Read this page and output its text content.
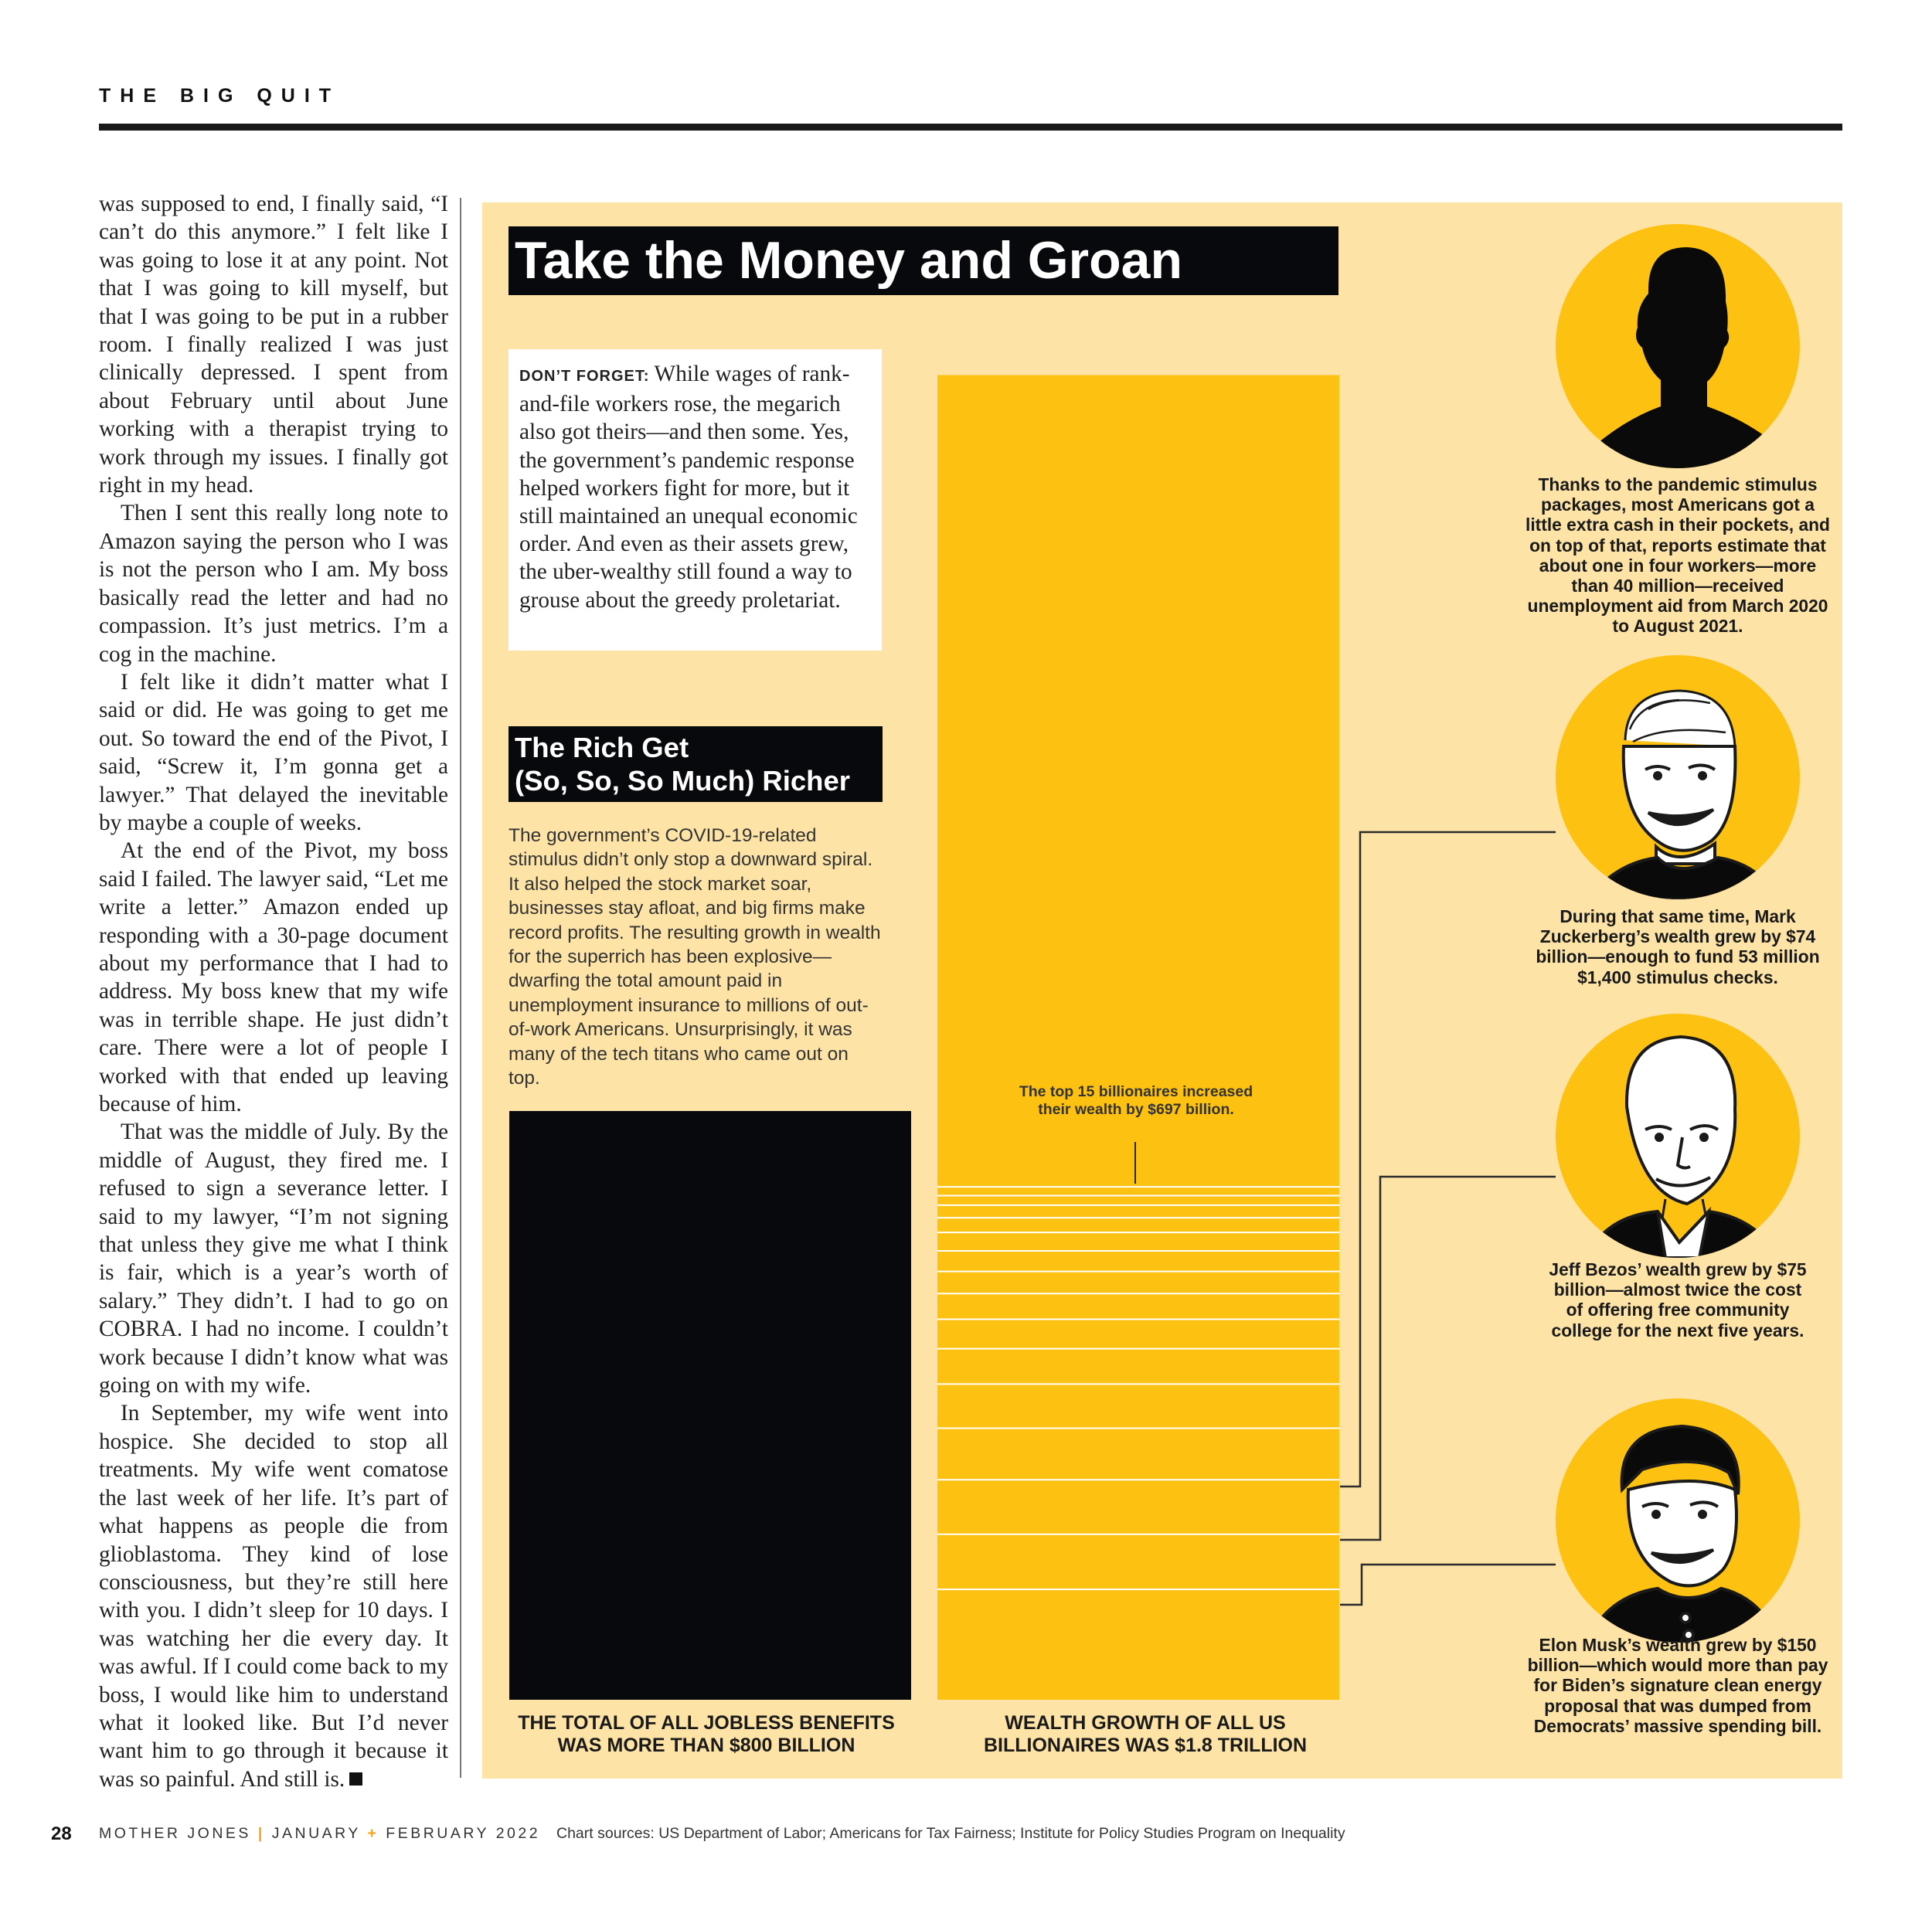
THE BIG QUIT

was supposed to end, I finally said, “I can’t do this anymore.” I felt like I was going to lose it at any point. Not that I was going to kill myself, but that I was going to be put in a rubber room. I finally realized I was just clinically depressed. I spent from about February until about June working with a therapist trying to work through my issues. I finally got right in my head.

Then I sent this really long note to Amazon saying the person who I was is not the person who I am. My boss basically read the letter and had no compassion. It’s just metrics. I’m a cog in the machine.

I felt like it didn’t matter what I said or did. He was going to get me out. So toward the end of the Pivot, I said, “Screw it, I’m gonna get a lawyer.” That delayed the inevitable by maybe a couple of weeks.

At the end of the Pivot, my boss said I failed. The lawyer said, “Let me write a letter.” Amazon ended up responding with a 30-page document about my performance that I had to address. My boss knew that my wife was in terrible shape. He just didn’t care. There were a lot of people I worked with that ended up leaving because of him.

That was the middle of July. By the middle of August, they fired me. I refused to sign a severance letter. I said to my lawyer, “I’m not signing that unless they give me what I think is fair, which is a year’s worth of salary.” They didn’t. I had to go on COBRA. I had no income. I couldn’t work because I didn’t know what was going on with my wife.

In September, my wife went into hospice. She decided to stop all treatments. My wife went comatose the last week of her life. It’s part of what happens as people die from glioblastoma. They kind of lose consciousness, but they’re still here with you. I didn’t sleep for 10 days. I was watching her die every day. It was awful. If I could come back to my boss, I would like him to understand what it looked like. But I’d never want him to go through it because it was so painful. And still is.

Take the Money and Groan
DON’T FORGET: While wages of rank-and-file workers rose, the megarich also got theirs—and then some. Yes, the government’s pandemic response helped workers fight for more, but it still maintained an unequal economic order. And even as their assets grew, the uber-wealthy still found a way to grouse about the greedy proletariat.
The Rich Get
(So, So, So Much) Richer
The government’s COVID-19-related stimulus didn’t only stop a downward spiral. It also helped the stock market soar, businesses stay afloat, and big firms make record profits. The resulting growth in wealth for the superrich has been explosive—dwarfing the total amount paid in unemployment insurance to millions of out-of-work Americans. Unsurprisingly, it was many of the tech titans who came out on top.
The top 15 billionaires increased their wealth by $697 billion.
THE TOTAL OF ALL JOBLESS BENEFITS WAS MORE THAN $800 BILLION
WEALTH GROWTH OF ALL US BILLIONAIRES WAS $1.8 TRILLION
Thanks to the pandemic stimulus packages, most Americans got a little extra cash in their pockets, and on top of that, reports estimate that about one in four workers—more than 40 million—received unemployment aid from March 2020 to August 2021.
During that same time, Mark Zuckerberg’s wealth grew by $74 billion—enough to fund 53 million $1,400 stimulus checks.
Jeff Bezos’ wealth grew by $75 billion—almost twice the cost of offering free community college for the next five years.
Elon Musk’s wealth grew by $150 billion—which would more than pay for Biden’s signature clean energy proposal that was dumped from Democrats’ massive spending bill.
28 MOTHER JONES | JANUARY + FEBRUARY 2022 Chart sources: US Department of Labor; Americans for Tax Fairness; Institute for Policy Studies Program on Inequality
